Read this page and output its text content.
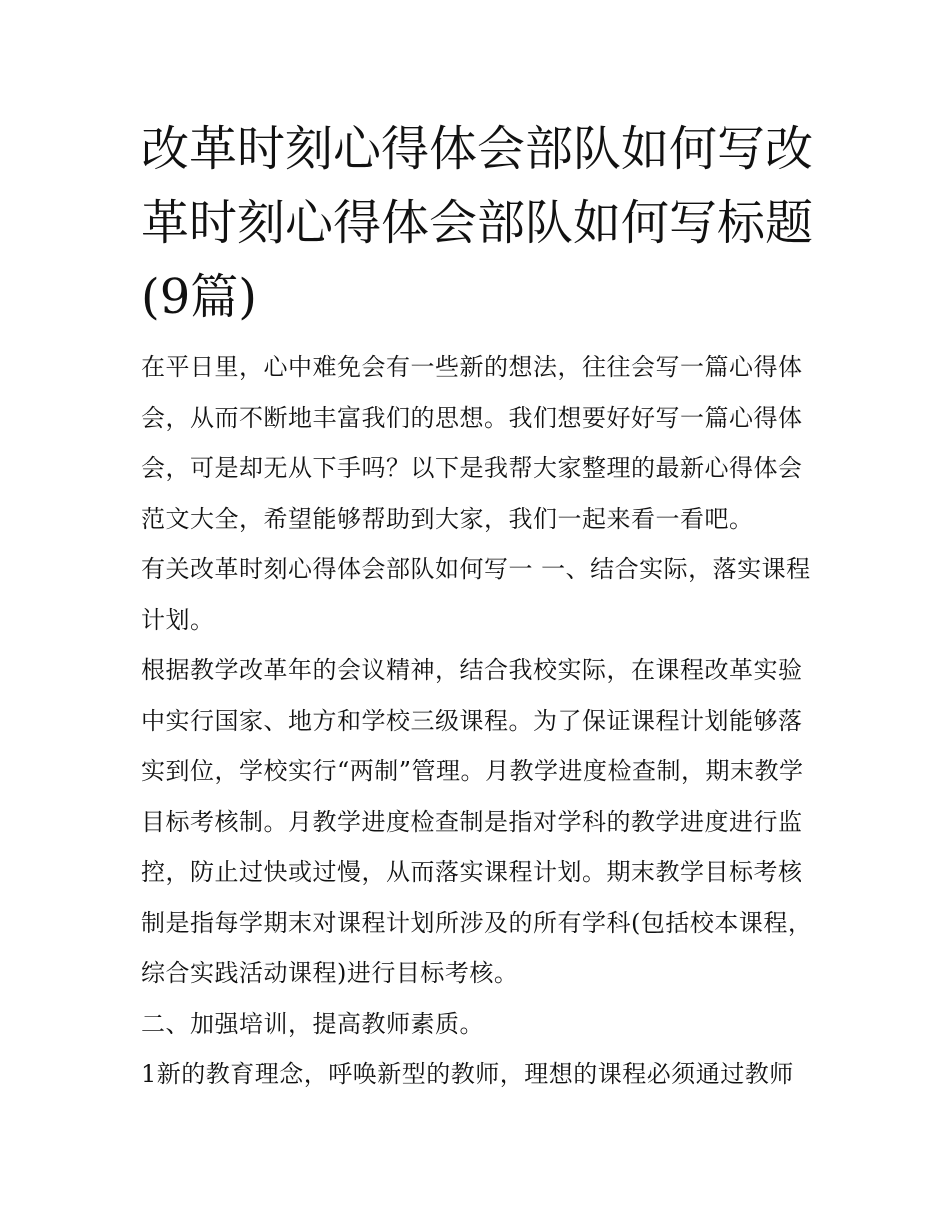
改革时刻心得体会部队如何写改革时刻心得体会部队如何写标题(9篇)

在平日里，心中难免会有一些新的想法，往往会写一篇心得体会，从而不断地丰富我们的思想。我们想要好好写一篇心得体会，可是却无从下手吗？以下是我帮大家整理的最新心得体会范文大全，希望能够帮助到大家，我们一起来看一看吧。

有关改革时刻心得体会部队如何写一 一、结合实际，落实课程计划。

根据教学改革年的会议精神，结合我校实际，在课程改革实验中实行国家、地方和学校三级课程。为了保证课程计划能够落实到位，学校实行“两制”管理。月教学进度检查制，期末教学目标考核制。月教学进度检查制是指对学科的教学进度进行监控，防止过快或过慢，从而落实课程计划。期末教学目标考核制是指每学期末对课程计划所涉及的所有学科(包括校本课程，综合实践活动课程)进行目标考核。

二、加强培训，提高教师素质。

1新的教育理念，呼唤新型的教师，理想的课程必须通过教师
